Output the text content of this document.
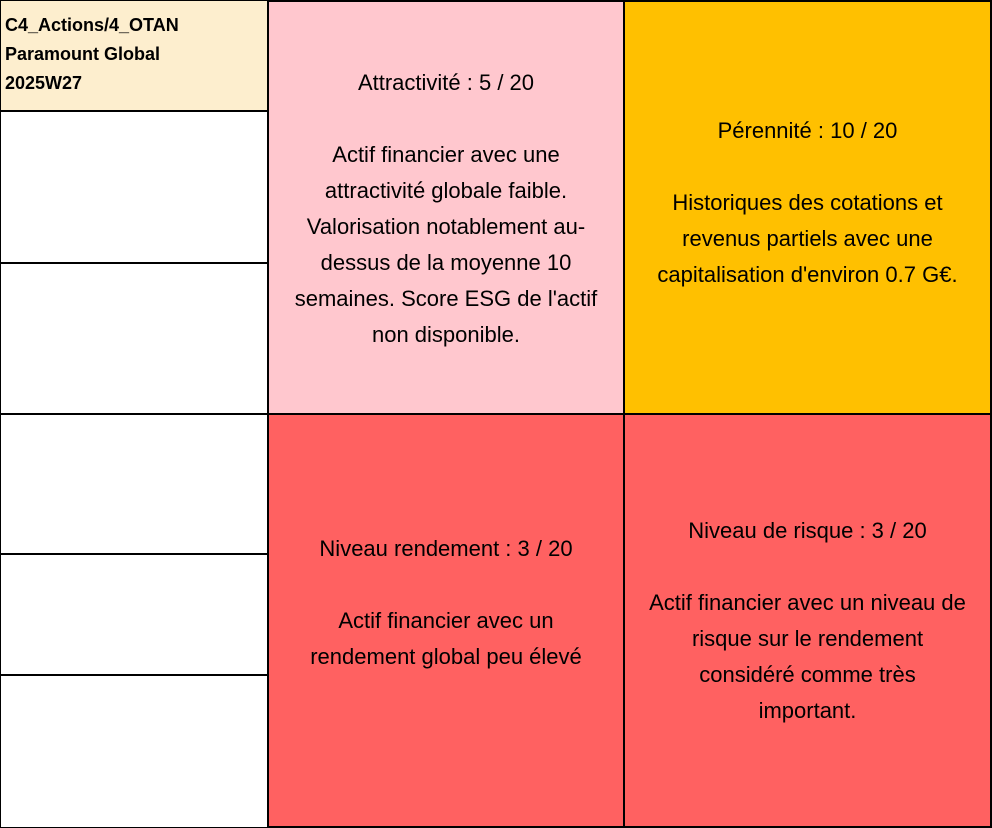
C4_Actions/4_OTAN
Paramount Global
2025W27	Attractivité : 5 / 20
Actif financier avec une
attractivité globale faible.
Valorisation notablement au-
dessus de la moyenne 10
semaines. Score ESG de l'actif
non disponible.
Pérennité : 10 / 20
Historiques des cotations et
revenus partiels avec une
capitalisation d'environ 0.7 G€.
Niveau rendement : 3 / 20
Actif financier avec un
rendement global peu élevé
Niveau de risque : 3 / 20
Actif financier avec un niveau de
risque sur le rendement
considéré comme très
important.
